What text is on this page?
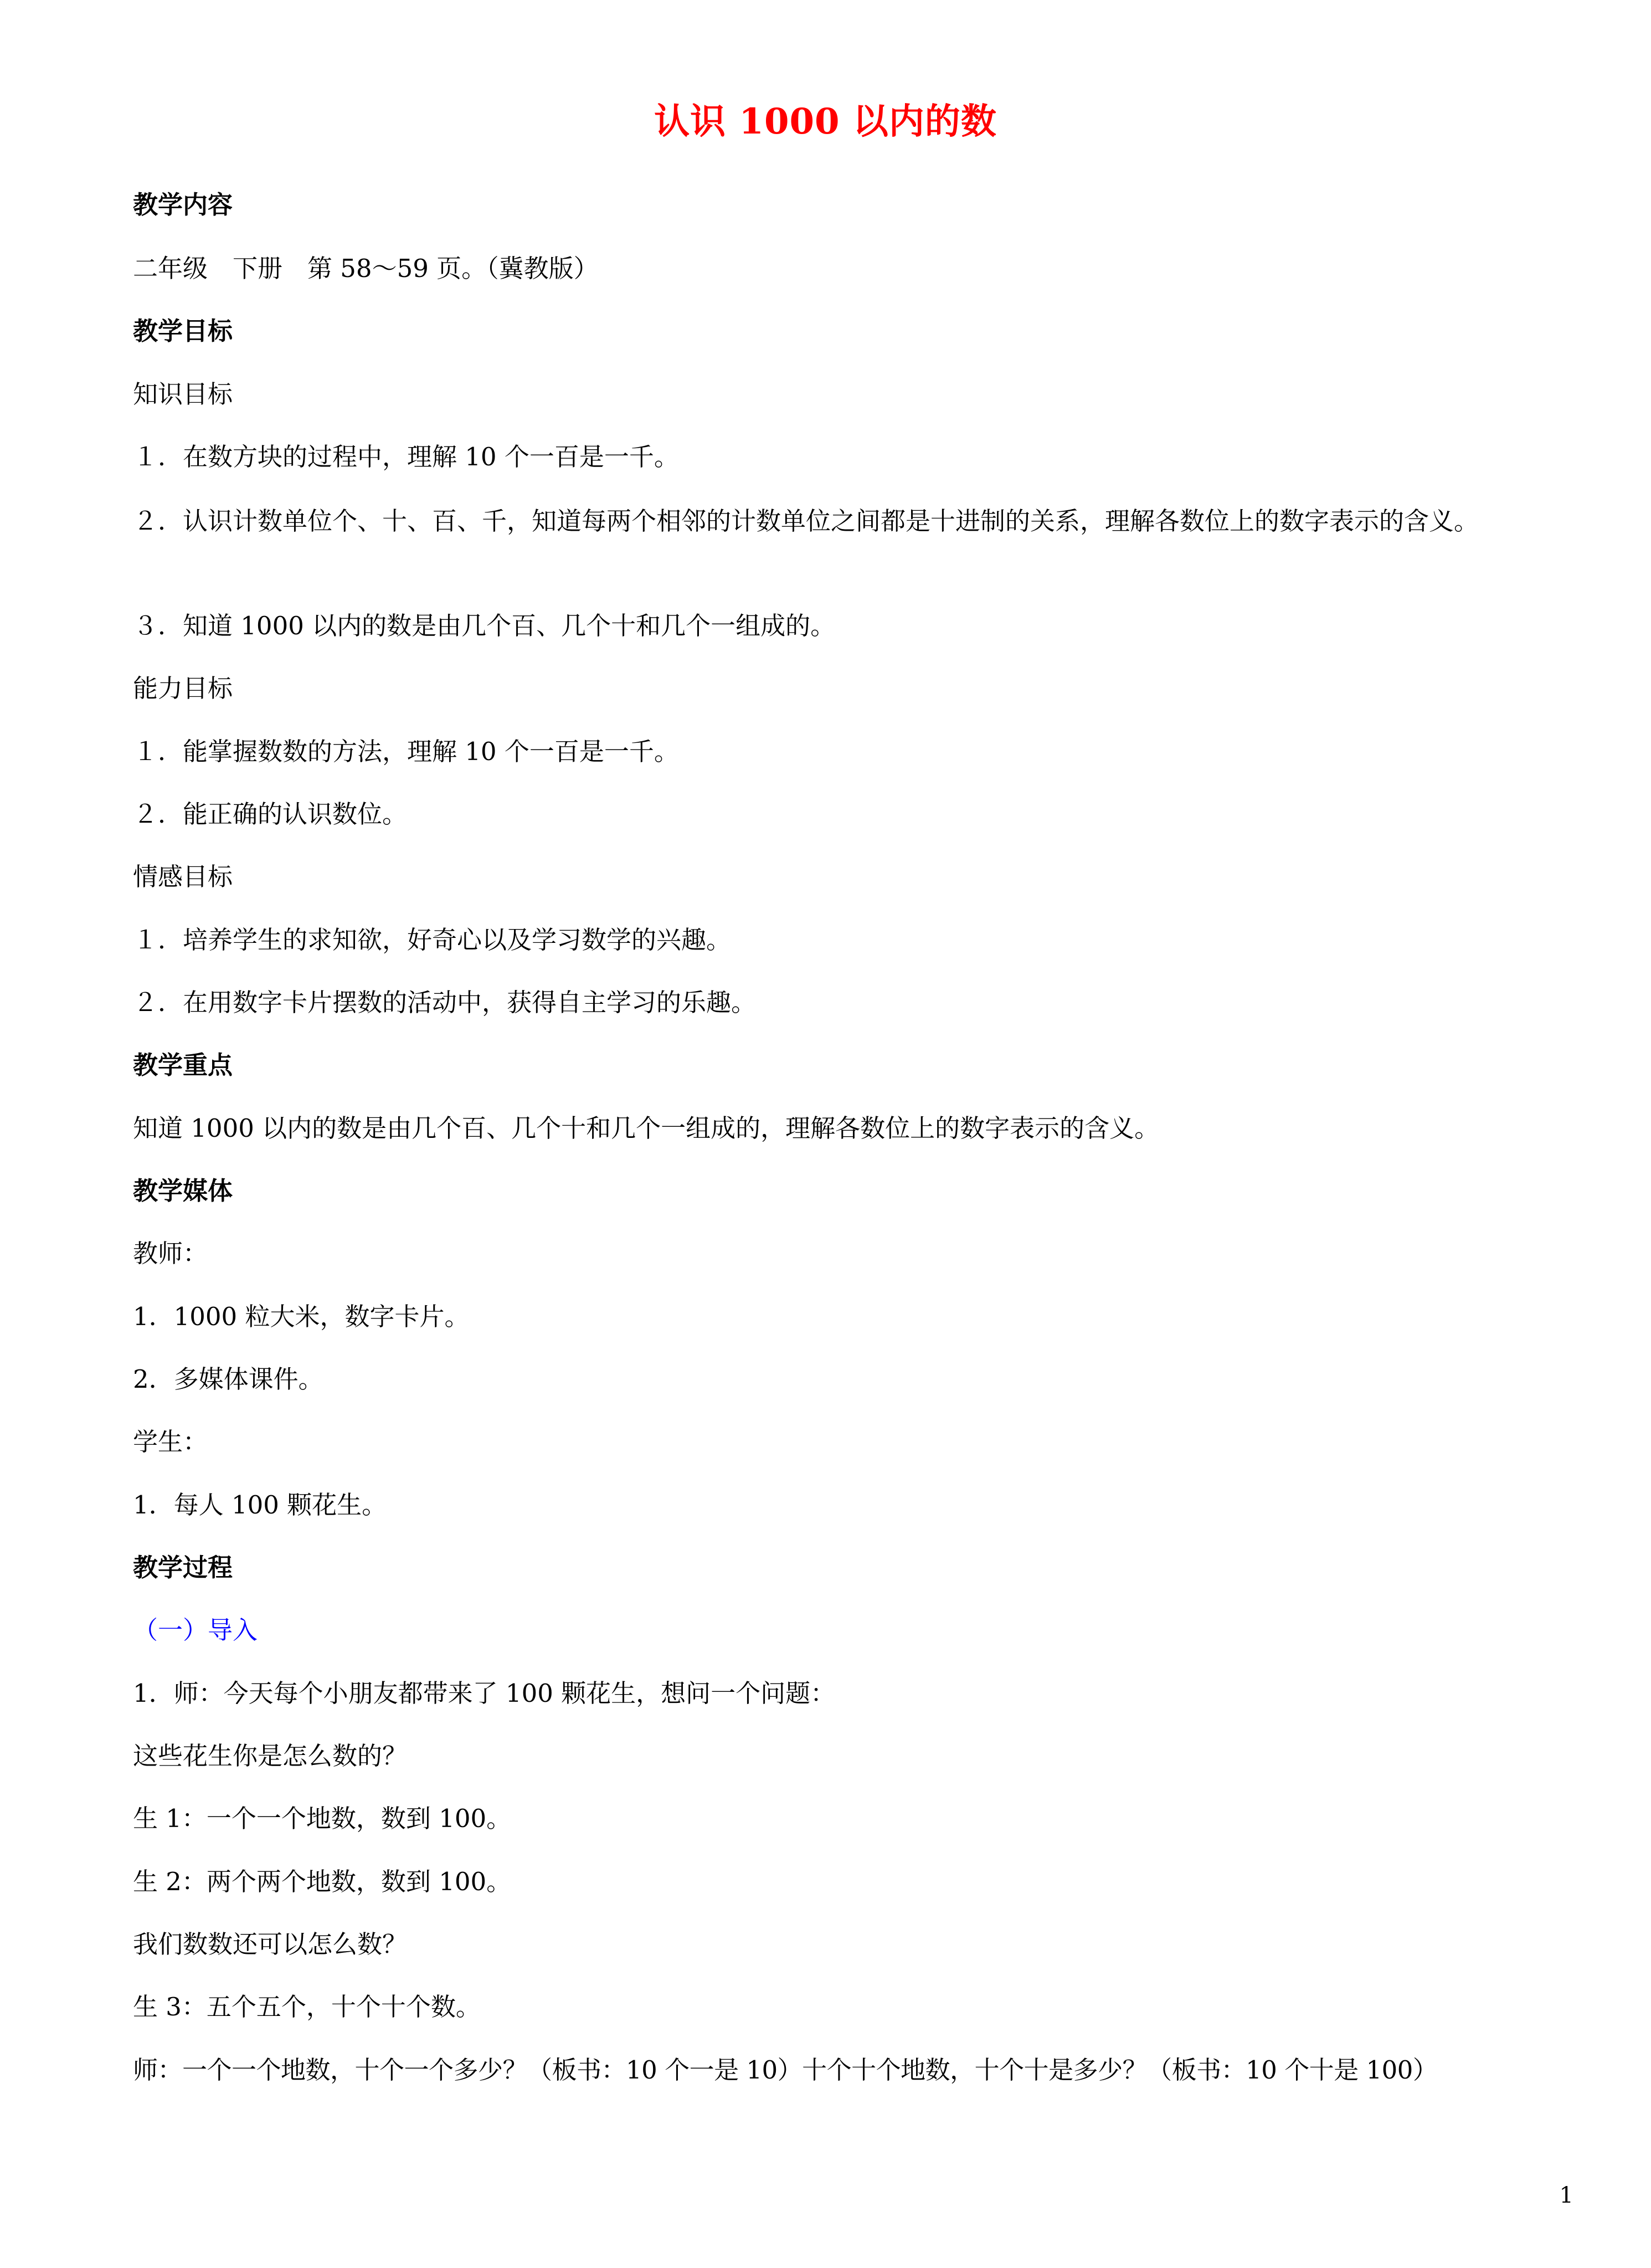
认识 1000 以内的数
教学内容
二年级　下册　第 58～59 页。（冀教版）
教学目标
知识目标
１．在数方块的过程中，理解 10 个一百是一千。
２．认识计数单位个、十、百、千，知道每两个相邻的计数单位之间都是十进制的关系，理解各数位上的数字表示的含义。
３．知道 1000 以内的数是由几个百、几个十和几个一组成的。
能力目标
１．能掌握数数的方法，理解 10 个一百是一千。
２．能正确的认识数位。
情感目标
１．培养学生的求知欲，好奇心以及学习数学的兴趣。
２．在用数字卡片摆数的活动中，获得自主学习的乐趣。
教学重点
知道 1000 以内的数是由几个百、几个十和几个一组成的，理解各数位上的数字表示的含义。
教学媒体
教师：
1．1000 粒大米，数字卡片。
2．多媒体课件。
学生：
1．每人 100 颗花生。
教学过程
（一）导入
1．师：今天每个小朋友都带来了 100 颗花生，想问一个问题：
这些花生你是怎么数的？
生 1：一个一个地数，数到 100。
生 2：两个两个地数，数到 100。
我们数数还可以怎么数？
生 3：五个五个，十个十个数。
师：一个一个地数，十个一个多少？（板书：10 个一是 10）十个十个地数，十个十是多少？（板书：10 个十是 100）
1
